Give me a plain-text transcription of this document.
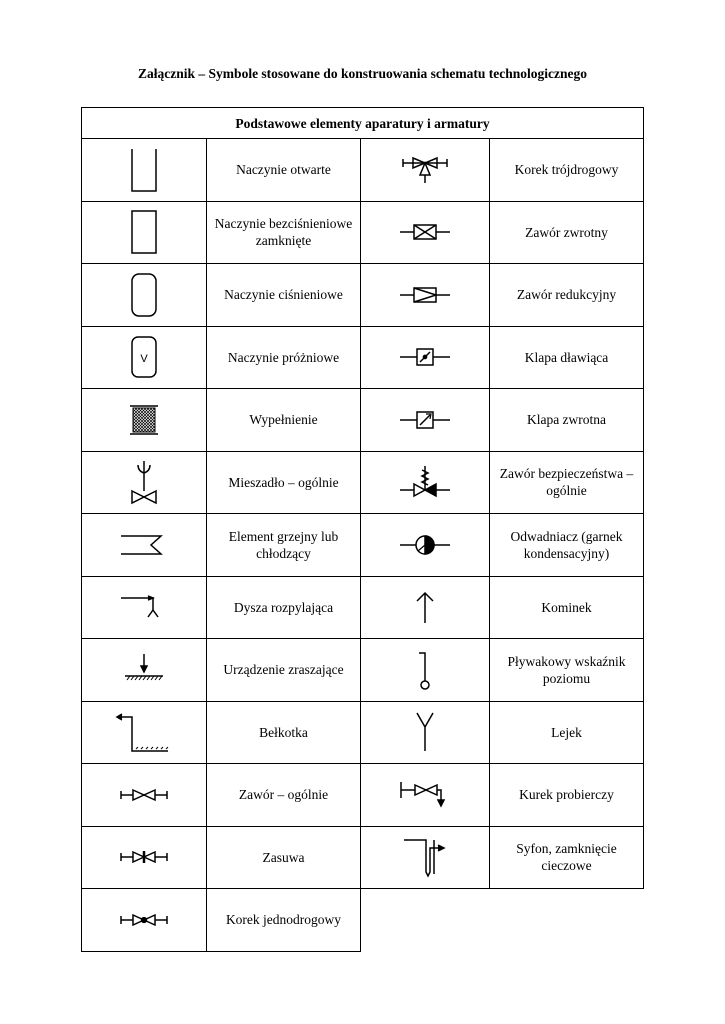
Załącznik – Symbole stosowane do konstruowania schematu technologicznego
Podstawowe elementy aparatury i armatury			

	Naczynie otwarte		Korek trójdrogowy

	Naczynie bezciśnieniowe zamknięte		Zawór zwrotny

	Naczynie ciśnieniowe		Zawór redukcyjny

V	Naczynie próżniowe		Klapa dławiąca

	Wypełnienie		Klapa zwrotna

	Mieszadło – ogólnie		Zawór bezpieczeństwa – ogólnie

	Element grzejny lub chłodzący		Odwadniacz (garnek kondensacyjny)

	Dysza rozpylająca		Kominek

	Urządzenie zraszające		Pływakowy wskaźnik poziomu

	Bełkotka		Lejek

	Zawór – ogólnie		Kurek probierczy

	Zasuwa		Syfon, zamknięcie cieczowe

	Korek jednodrogowy		
